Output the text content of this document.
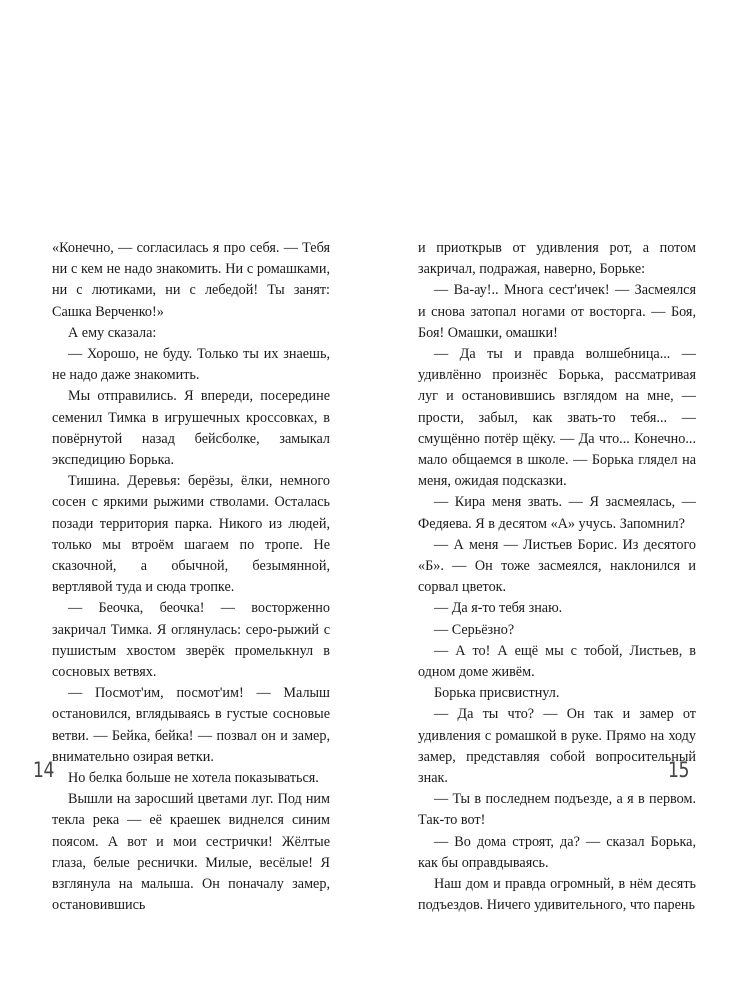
«Конечно, — согласилась я про себя. — Тебя ни с кем не надо знакомить. Ни с ромашками, ни с лютиками, ни с лебедой! Ты занят: Сашка Верченко!»

А ему сказала:

— Хорошо, не буду. Только ты их знаешь, не надо даже знакомить.

Мы отправились. Я впереди, посередине семенил Тимка в игрушечных кроссовках, в повёрнутой назад бейсболке, замыкал экспедицию Борька.

Тишина. Деревья: берёзы, ёлки, немного сосен с яркими рыжими стволами. Осталась позади территория парка. Никого из людей, только мы втроём шагаем по тропе. Не сказочной, а обычной, безымянной, вертлявой туда и сюда тропке.

— Беочка, беочка! — восторженно закричал Тимка. Я оглянулась: серо-рыжий с пушистым хвостом зверёк промелькнул в сосновых ветвях.

— Посмот'им, посмот'им! — Малыш остановился, вглядываясь в густые сосновые ветви. — Бейка, бейка! — позвал он и замер, внимательно озирая ветки.

Но белка больше не хотела показываться.

Вышли на заросший цветами луг. Под ним текла река — её краешек виднелся синим поясом. А вот и мои сестрички! Жёлтые глаза, белые реснички. Милые, весёлые! Я взглянула на малыша. Он поначалу замер, остановившись

и приоткрыв от удивления рот, а потом закричал, подражая, наверно, Борьке:

— Ва-ау!.. Многа сест'ичек! — Засмеялся и снова затопал ногами от восторга. — Боя, Боя! Омашки, омашки!

— Да ты и правда волшебница... — удивлённо произнёс Борька, рассматривая луг и остановившись взглядом на мне, — прости, забыл, как звать-то тебя... — смущённо потёр щёку. — Да что... Конечно... мало общаемся в школе. — Борька глядел на меня, ожидая подсказки.

— Кира меня звать. — Я засмеялась, — Федяева. Я в десятом «А» учусь. Запомнил?

— А меня — Листьев Борис. Из десятого «Б». — Он тоже засмеялся, наклонился и сорвал цветок.

— Да я-то тебя знаю.

— Серьёзно?

— А то! А ещё мы с тобой, Листьев, в одном доме живём.

Борька присвистнул.

— Да ты что? — Он так и замер от удивления с ромашкой в руке. Прямо на ходу замер, представляя собой вопросительный знак.

— Ты в последнем подъезде, а я в первом. Так-то вот!

— Во дома строят, да? — сказал Борька, как бы оправдываясь.

Наш дом и правда огромный, в нём десять подъездов. Ничего удивительного, что парень

14	15
